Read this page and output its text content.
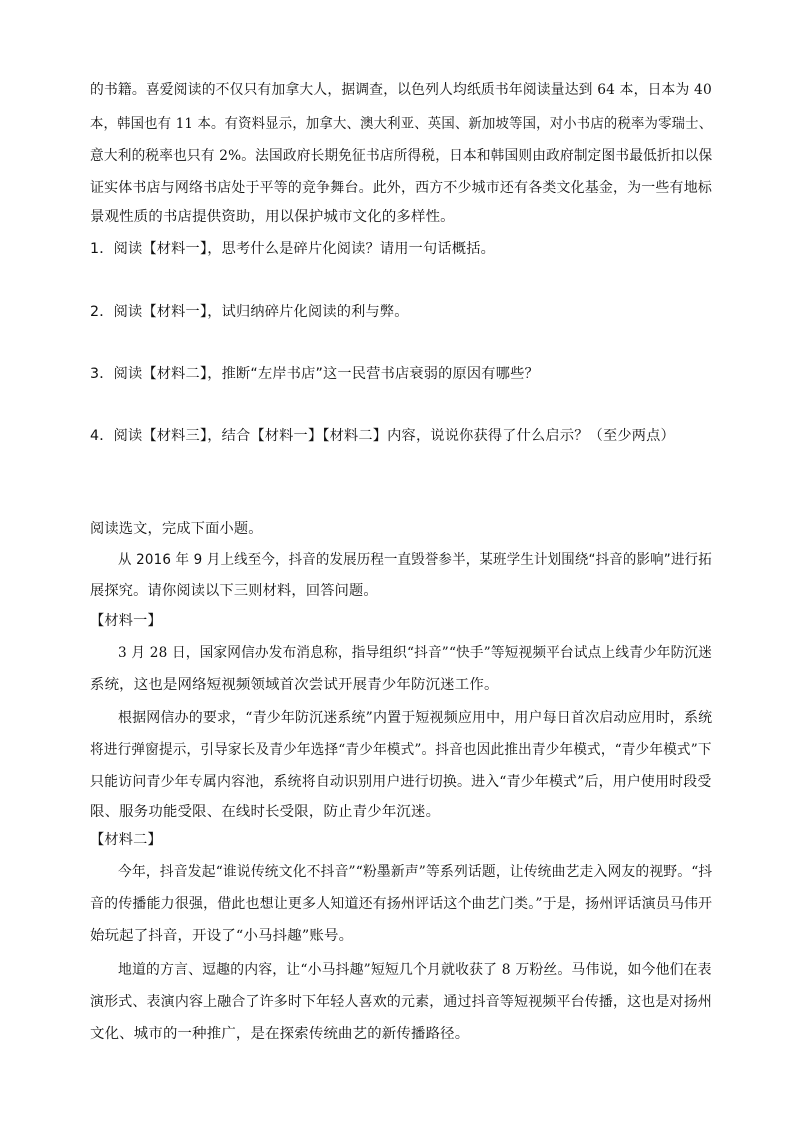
的书籍。喜爱阅读的不仅只有加拿大人，据调查，以色列人均纸质书年阅读量达到 64 本，日本为 40
本，韩国也有 11 本。有资料显示，加拿大、澳大利亚、英国、新加坡等国，对小书店的税率为零瑞士、
意大利的税率也只有 2%。法国政府长期免征书店所得税，日本和韩国则由政府制定图书最低折扣以保
证实体书店与网络书店处于平等的竞争舞台。此外，西方不少城市还有各类文化基金，为一些有地标
景观性质的书店提供资助，用以保护城市文化的多样性。
1．阅读【材料一】，思考什么是碎片化阅读？请用一句话概括。
2．阅读【材料一】，试归纳碎片化阅读的利与弊。
3．阅读【材料二】，推断“左岸书店”这一民营书店衰弱的原因有哪些？
4．阅读【材料三】，结合【材料一】【材料二】内容，说说你获得了什么启示？（至少两点）
阅读选文，完成下面小题。
从 2016 年 9 月上线至今，抖音的发展历程一直毁誉参半，某班学生计划围绕“抖音的影响”进行拓
展探究。请你阅读以下三则材料，回答问题。
【材料一】
3 月 28 日，国家网信办发布消息称，指导组织“抖音”“快手”等短视频平台试点上线青少年防沉迷
系统，这也是网络短视频领域首次尝试开展青少年防沉迷工作。
根据网信办的要求，“青少年防沉迷系统”内置于短视频应用中，用户每日首次启动应用时，系统
将进行弹窗提示，引导家长及青少年选择“青少年模式”。抖音也因此推出青少年模式，“青少年模式”下
只能访问青少年专属内容池，系统将自动识别用户进行切换。进入“青少年模式”后，用户使用时段受
限、服务功能受限、在线时长受限，防止青少年沉迷。
【材料二】
今年，抖音发起“谁说传统文化不抖音”“粉墨新声”等系列话题，让传统曲艺走入网友的视野。“抖
音的传播能力很强，借此也想让更多人知道还有扬州评话这个曲艺门类。”于是，扬州评话演员马伟开
始玩起了抖音，开设了“小马抖趣”账号。
地道的方言、逗趣的内容，让“小马抖趣”短短几个月就收获了 8 万粉丝。马伟说，如今他们在表
演形式、表演内容上融合了许多时下年轻人喜欢的元素，通过抖音等短视频平台传播，这也是对扬州
文化、城市的一种推广，是在探索传统曲艺的新传播路径。
